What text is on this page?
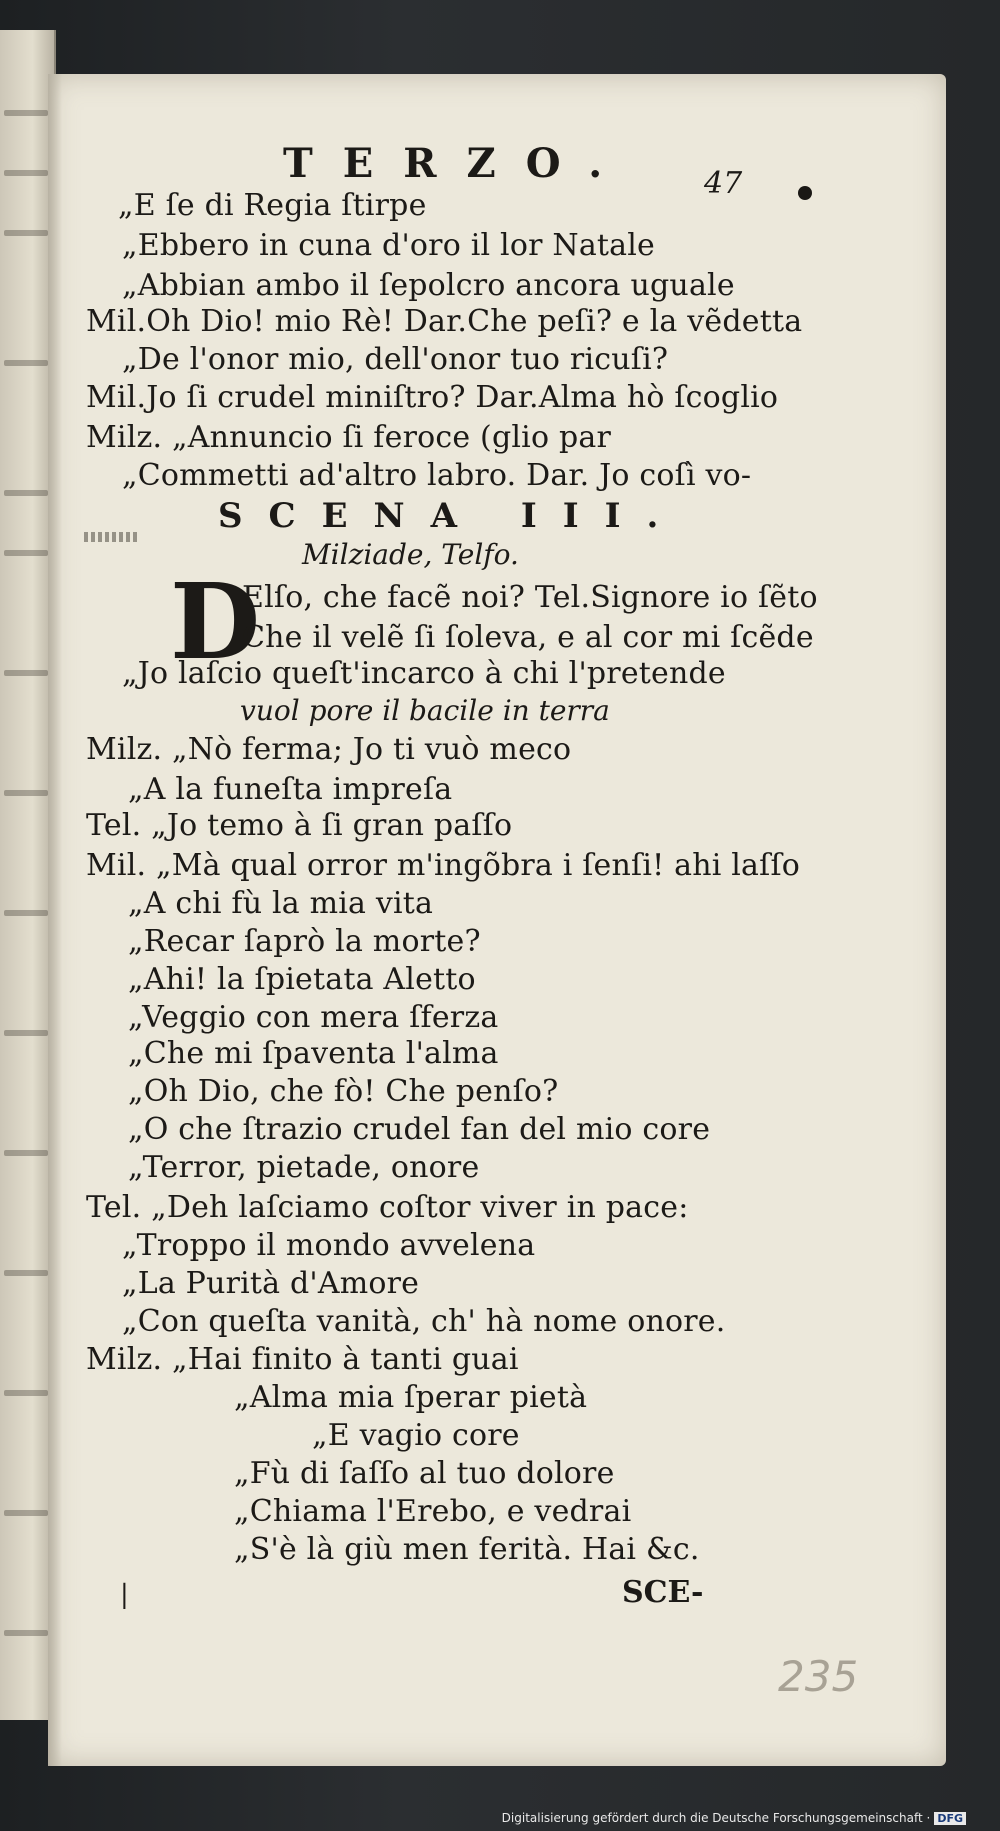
TERZO. 47
„E ſe di Regia ſtirpe
„Ebbero in cuna d'oro il lor Natale
„Abbian ambo il ſepolcro ancora uguale
Mil.Oh Dio! mio Rè! Dar.Che peſi? e la vẽdetta
„De l'onor mio, dell'onor tuo ricuſi?
Mil.Jo ſi crudel miniſtro? Dar.Alma hò ſcoglio
Milz. „Annuncio ſi feroce (glio par
„Commetti ad'altro labro. Dar. Jo coſì vo-
SCENA III.
Milziade, Telfo.
D
Elſo, che facẽ noi? Tel.Signore io ſẽto
Che il velẽ ſi ſoleva, e al cor mi ſcẽde
„Jo laſcio queſt'incarco à chi l'pretende
vuol pore il bacile in terra
Milz. „Nò ferma; Jo ti vuò meco
„A la funeſta impreſa
Tel. „Jo temo à ſi gran paſſo
Mil. „Mà qual orror m'ingõbra i ſenſi! ahi laſſo
„A chi fù la mia vita
„Recar ſaprò la morte?
„Ahi! la ſpietata Aletto
„Veggio con mera ſferza
„Che mi ſpaventa l'alma
„Oh Dio, che fò! Che penſo?
„O che ſtrazio crudel fan del mio core
„Terror, pietade, onore
Tel. „Deh laſciamo coſtor viver in pace:
„Troppo il mondo avvelena
„La Purità d'Amore
„Con queſta vanità, ch' hà nome onore.
Milz. „Hai finito à tanti guai
„Alma mia ſperar pietà
„E vagio core
„Fù di ſaſſo al tuo dolore
„Chiama l'Erebo, e vedrai
„S'è là giù men ferità. Hai &c.
|	SCE-
235
Digitalisierung gefördert durch die Deutsche Forschungsgemeinschaft · DFG
